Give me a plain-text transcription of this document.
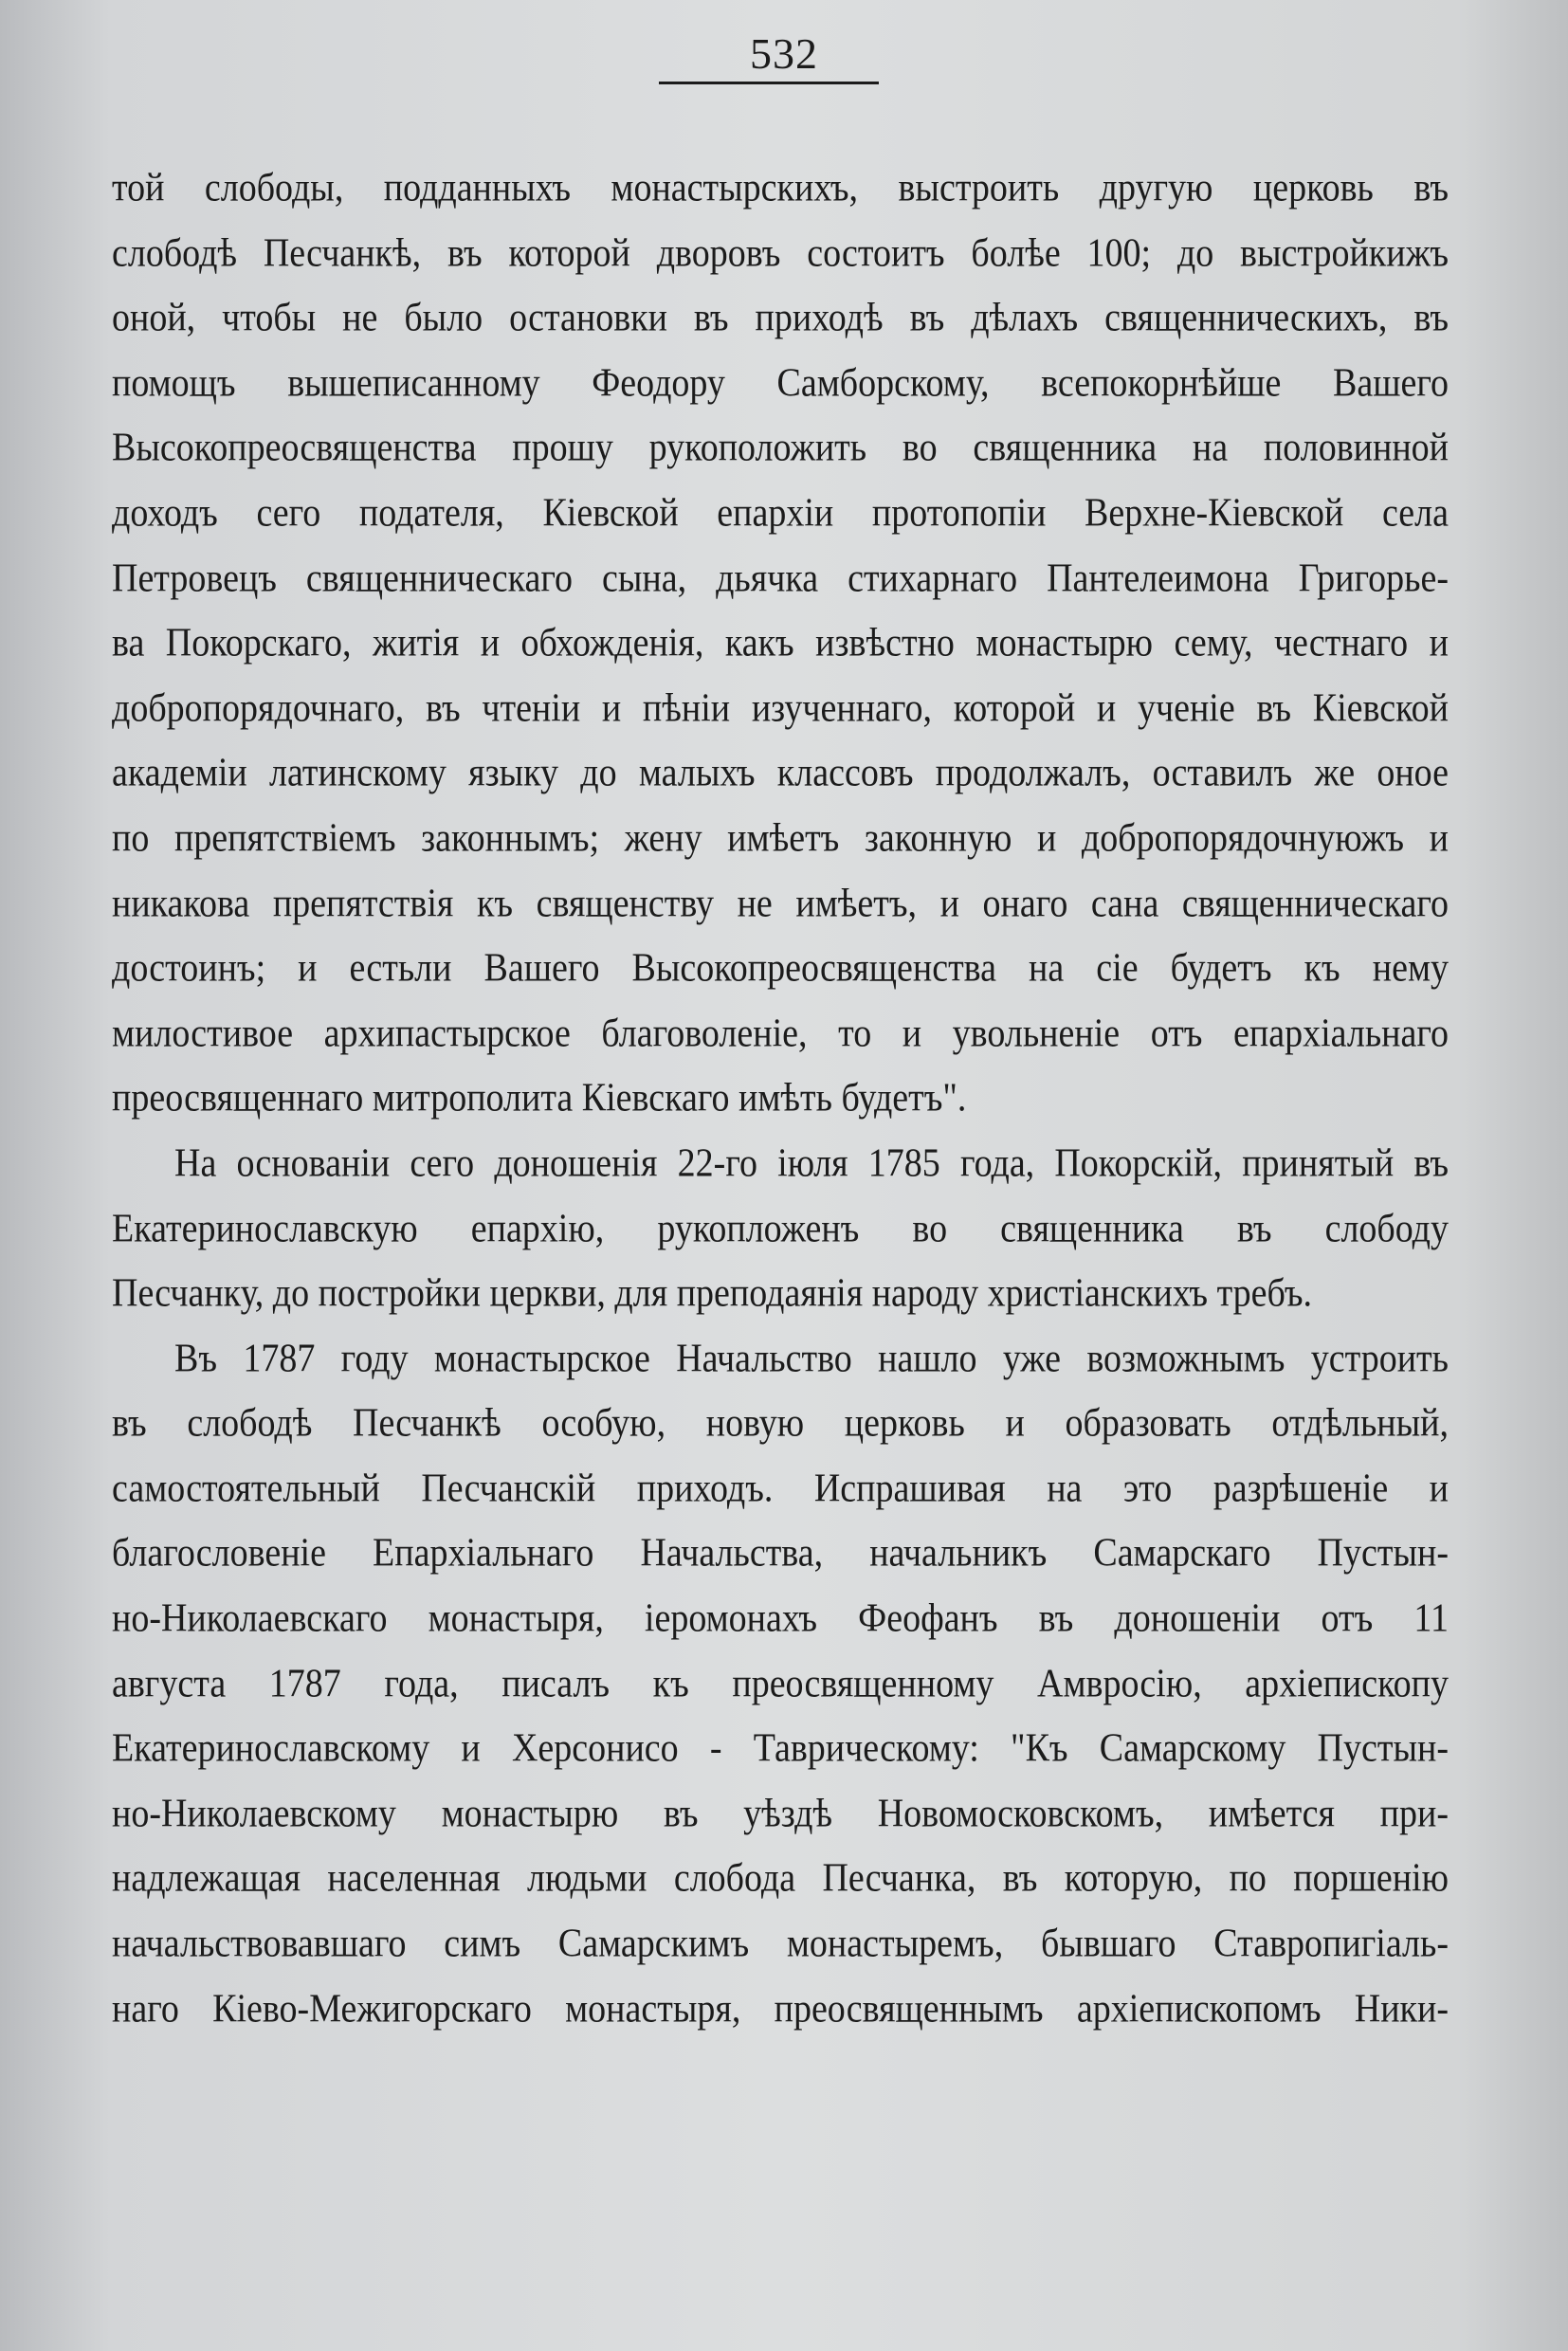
532
той слободы, подданныхъ монастырскихъ, выстроить другую церковь въ
слободѣ Песчанкѣ, въ которой дворовъ состоитъ болѣе 100; до выстройкижъ
оной, чтобы не было остановки въ приходѣ въ дѣлахъ священническихъ, въ
помощъ вышеписанному Феодору Самборскому, всепокорнѣйше Вашего
Высокопреосвященства прошу рукоположить во священника на половинной
доходъ сего подателя, Кіевской епархіи протопопіи Верхне-Кіевской села
Петровецъ священническаго сына, дьячка стихарнаго Пантелеимона Григорье-
ва Покорскаго, житія и обхожденія, какъ извѣстно монастырю сему, честнаго и
добропорядочнаго, въ чтеніи и пѣніи изученнаго, которой и ученіе въ Кіевской
академіи латинскому языку до малыхъ классовъ продолжалъ, оставилъ же оное
по препятствіемъ законнымъ; жену имѣетъ законную и добропорядочнуюжъ и
никакова препятствія къ священству не имѣетъ, и онаго сана священническаго
достоинъ; и естьли Вашего Высокопреосвященства на сіе будетъ къ нему
милостивое архипастырское благоволеніе, то и увольненіе отъ епархіальнаго
преосвященнаго митрополита Кіевскаго имѣть будетъ".
На основаніи сего доношенія 22-го іюля 1785 года, Покорскій, принятый въ
Екатеринославскую епархію, рукопложенъ во священника въ слободу
Песчанку, до постройки церкви, для преподаянія народу христіанскихъ требъ.
Въ 1787 году монастырское Начальство нашло уже возможнымъ устроить
въ слободѣ Песчанкѣ особую, новую церковь и образовать отдѣльный,
самостоятельный Песчанскій приходъ. Испрашивая на это разрѣшеніе и
благословеніе Епархіальнаго Начальства, начальникъ Самарскаго Пустын-
но-Николаевскаго монастыря, іеромонахъ Феофанъ въ доношеніи отъ 11
августа 1787 года, писалъ къ преосвященному Амвросію, архіепископу
Екатеринославскому и Херсонисо - Таврическому: "Къ Самарскому Пустын-
но-Николаевскому монастырю въ уѣздѣ Новомосковскомъ, имѣется при-
надлежащая населенная людьми слобода Песчанка, въ которую, по поршенію
начальствовавшаго симъ Самарскимъ монастыремъ, бывшаго Ставропигіаль-
наго Кіево-Межигорскаго монастыря, преосвященнымъ архіепископомъ Ники-
